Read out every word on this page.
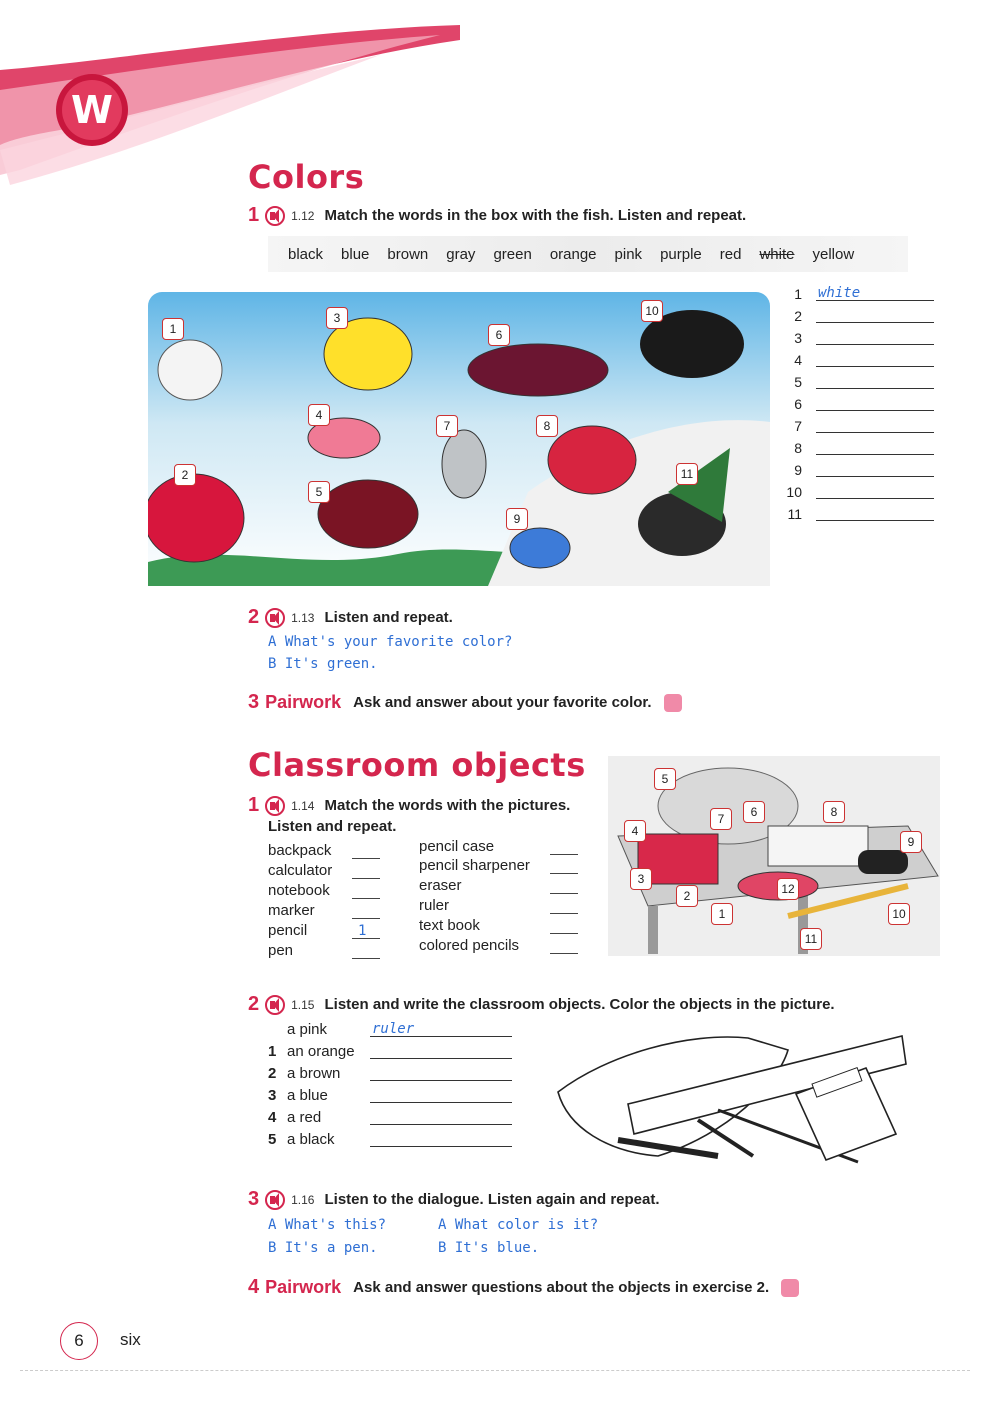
W
Colors
1	1.12 Match the words in the box with the fish. Listen and repeat.
black blue brown gray green orange pink purple red white yellow
1
2
3
4
5
6
7	8
9
10
11
1 white
2
3
4
5
6
7
8
9
10
11
2	1.13 Listen and repeat.
A What's your favorite color?
B It's green.
3 Pairwork Ask and answer about your favorite color.
Classroom objects
1	1.14 Match the words with the pictures.
Listen and repeat.
backpack
calculator
notebook
marker
pencil	1
pen
pencil case
pencil sharpener
eraser
ruler
text book
colored pencils
1
2
3
4
5
6
7	8
9
10
11
12
2	1.15 Listen and write the classroom objects. Color the objects in the picture.
a pink	ruler
1 an orange
2 a brown
3 a blue
4 a red
5 a black
3	1.16 Listen to the dialogue. Listen again and repeat.
A What's this?
B It's a pen.
A What color is it?
B It's blue.
4 Pairwork Ask and answer questions about the objects in exercise 2.
6	six
